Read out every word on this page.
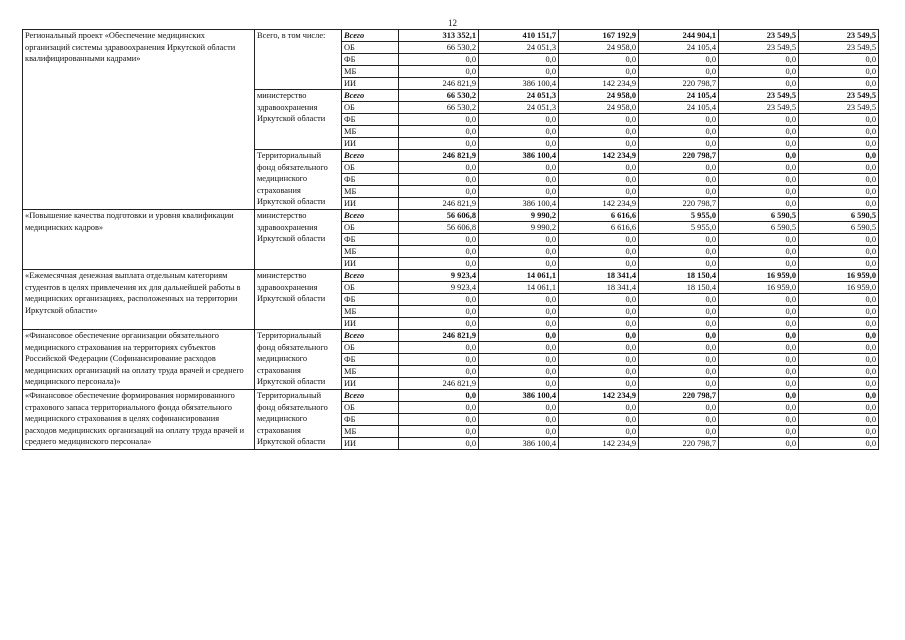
12
Региональный проект «Обеспечение медицинских организаций системы здравоохранения Иркутской области квалифицированными кадрами»	Всего, в том числе:	Всего	313 352,1	410 151,7	167 192,9	244 904,1	23 549,5	23 549,5
		ОБ	66 530,2	24 051,3	24 958,0	24 105,4	23 549,5	23 549,5
		ФБ	0,0	0,0	0,0	0,0	0,0	0,0
		МБ	0,0	0,0	0,0	0,0	0,0	0,0
		ИИ	246 821,9	386 100,4	142 234,9	220 798,7	0,0	0,0
	министерство здравоохранения Иркутской области	Всего	66 530,2	24 051,3	24 958,0	24 105,4	23 549,5	23 549,5
		ОБ	66 530,2	24 051,3	24 958,0	24 105,4	23 549,5	23 549,5
		ФБ	0,0	0,0	0,0	0,0	0,0	0,0
		МБ	0,0	0,0	0,0	0,0	0,0	0,0
		ИИ	0,0	0,0	0,0	0,0	0,0	0,0
	Территориальный фонд обязательного медицинского страхования Иркутской области	Всего	246 821,9	386 100,4	142 234,9	220 798,7	0,0	0,0
		ОБ	0,0	0,0	0,0	0,0	0,0	0,0
		ФБ	0,0	0,0	0,0	0,0	0,0	0,0
		МБ	0,0	0,0	0,0	0,0	0,0	0,0
		ИИ	246 821,9	386 100,4	142 234,9	220 798,7	0,0	0,0
«Повышение качества подготовки и уровня квалификации медицинских кадров»	министерство здравоохранения Иркутской области	Всего	56 606,8	9 990,2	6 616,6	5 955,0	6 590,5	6 590,5
		ОБ	56 606,8	9 990,2	6 616,6	5 955,0	6 590,5	6 590,5
		ФБ	0,0	0,0	0,0	0,0	0,0	0,0
		МБ	0,0	0,0	0,0	0,0	0,0	0,0
		ИИ	0,0	0,0	0,0	0,0	0,0	0,0
«Ежемесячная денежная выплата отдельным категориям студентов в целях привлечения их для дальнейшей работы в медицинских организациях, расположенных на территории Иркутской области»	министерство здравоохранения Иркутской области	Всего	9 923,4	14 061,1	18 341,4	18 150,4	16 959,0	16 959,0
		ОБ	9 923,4	14 061,1	18 341,4	18 150,4	16 959,0	16 959,0
		ФБ	0,0	0,0	0,0	0,0	0,0	0,0
		МБ	0,0	0,0	0,0	0,0	0,0	0,0
		ИИ	0,0	0,0	0,0	0,0	0,0	0,0
«Финансовое обеспечение организации обязательного медицинского страхования на территориях субъектов Российской Федерации (Софинансирование расходов медицинских организаций на оплату труда врачей и среднего медицинского персонала)»	Территориальный фонд обязательного медицинского страхования Иркутской области	Всего	246 821,9	0,0	0,0	0,0	0,0	0,0
		ОБ	0,0	0,0	0,0	0,0	0,0	0,0
		ФБ	0,0	0,0	0,0	0,0	0,0	0,0
		МБ	0,0	0,0	0,0	0,0	0,0	0,0
		ИИ	246 821,9	0,0	0,0	0,0	0,0	0,0
«Финансовое обеспечение формирования нормированного страхового запаса территориального фонда обязательного медицинского страхования в целях софинансирования расходов медицинских организаций на оплату труда врачей и среднего медицинского персонала»	Территориальный фонд обязательного медицинского страхования Иркутской области	Всего	0,0	386 100,4	142 234,9	220 798,7	0,0	0,0
		ОБ	0,0	0,0	0,0	0,0	0,0	0,0
		ФБ	0,0	0,0	0,0	0,0	0,0	0,0
		МБ	0,0	0,0	0,0	0,0	0,0	0,0
		ИИ	0,0	386 100,4	142 234,9	220 798,7	0,0	0,0
